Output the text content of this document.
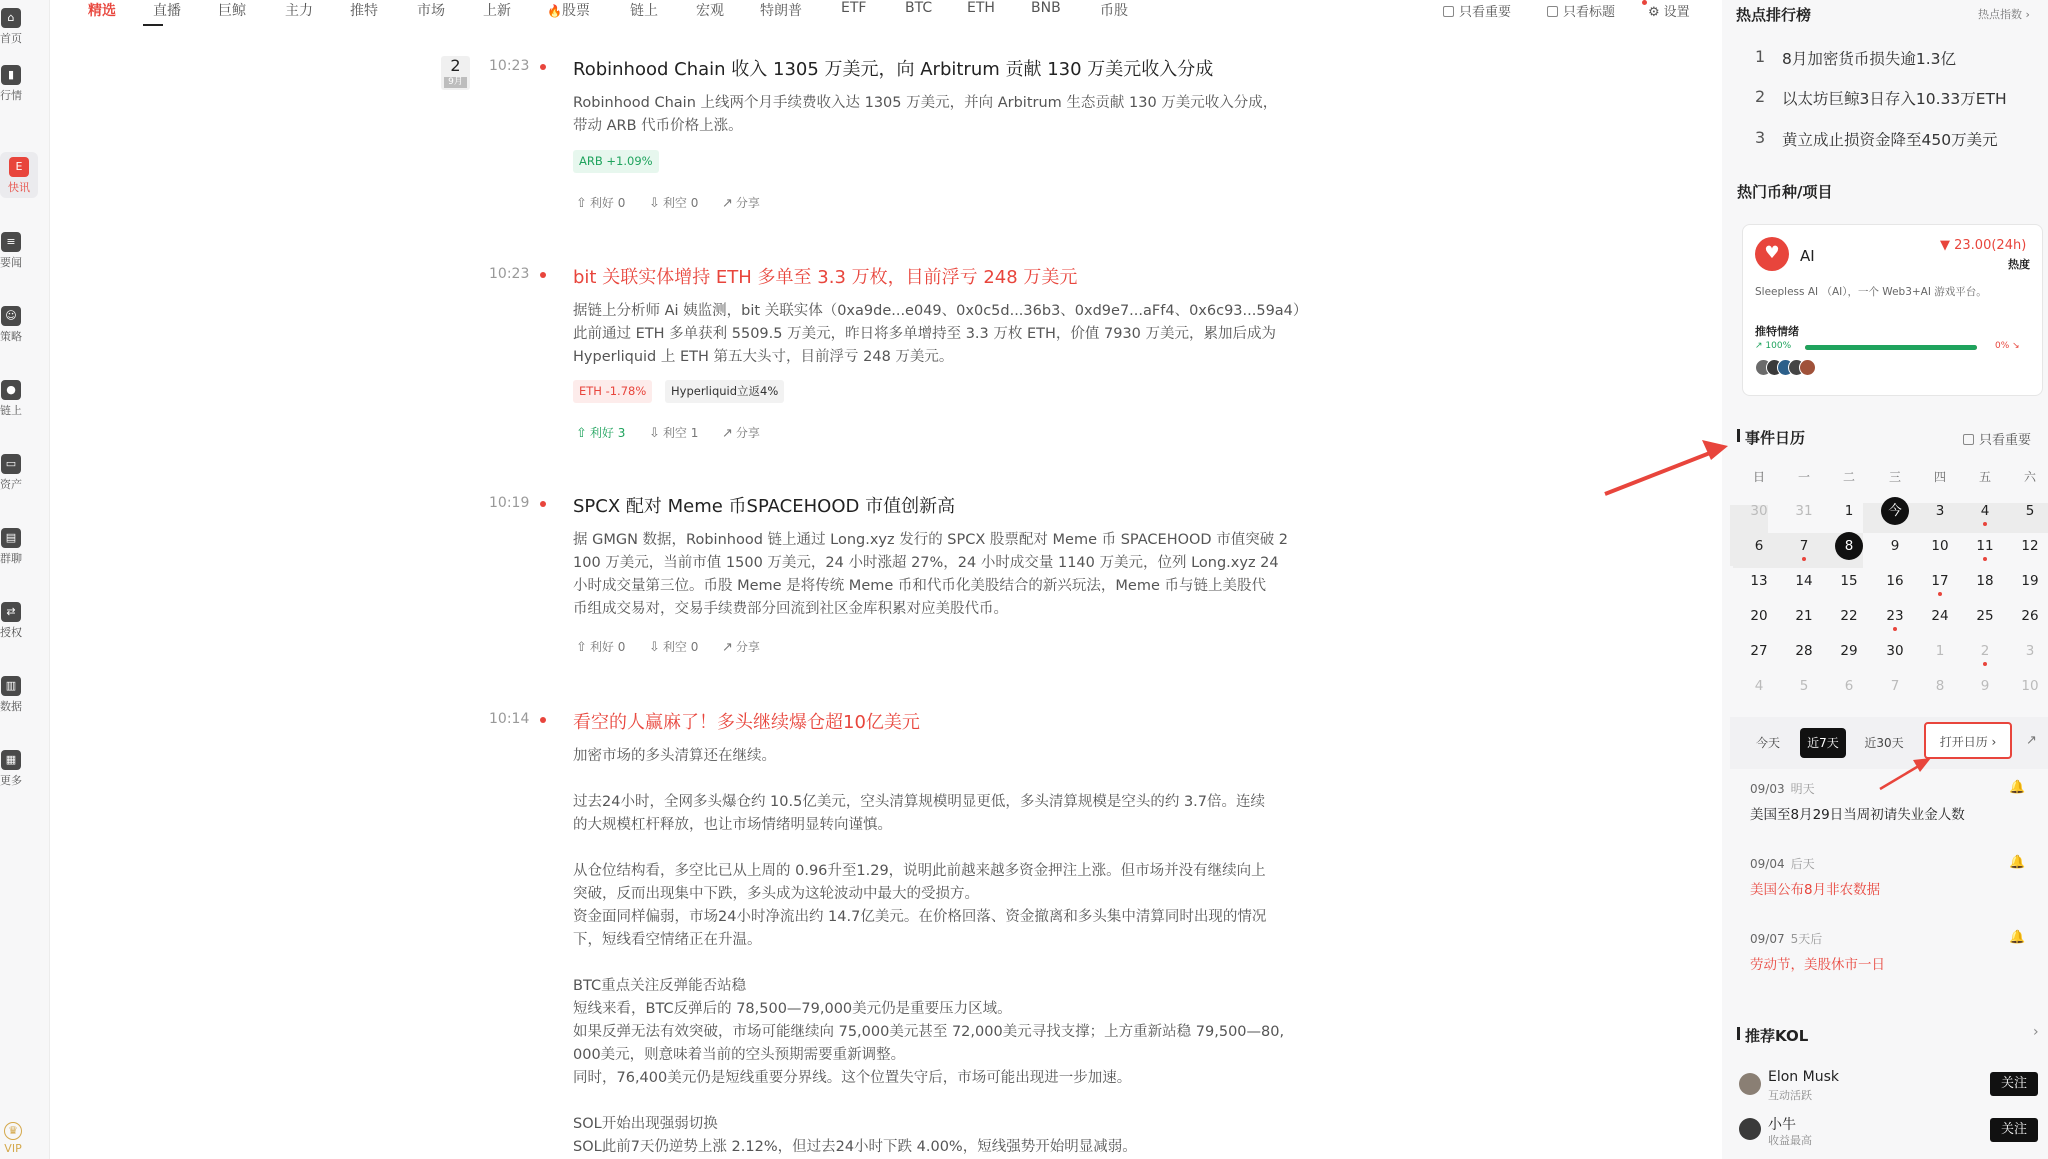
⌂
首页
▮
行情
E
快讯
≡
要闻
☺
策略
●
链上
▭
资产
▤
群聊
⇄
授权
▥
数据
▦
更多
♛
VIP
精选	直播	巨鲸	主力	推特	市场	上新	🔥股票	链上	宏观	特朗普	ETF	BTC ETH	BNB	币股	只看重要	只看标题	⚙ 设置
2
9月
10:23 Robinhood Chain 收入 1305 万美元，向 Arbitrum 贡献 130 万美元收入分成
Robinhood Chain 上线两个月手续费收入达 1305 万美元，并向 Arbitrum 生态贡献 130 万美元收入分成，
带动 ARB 代币价格上涨。
ARB +1.09%
⇧ 利好 0 ⇩ 利空 0 ↗ 分享
10:23 bit 关联实体增持 ETH 多单至 3.3 万枚，目前浮亏 248 万美元
据链上分析师 Ai 姨监测，bit 关联实体（0xa9de...e049、0x0c5d...36b3、0xd9e7...aFf4、0x6c93...59a4）
此前通过 ETH 多单获利 5509.5 万美元，昨日将多单增持至 3.3 万枚 ETH，价值 7930 万美元，累加后成为
Hyperliquid 上 ETH 第五大头寸，目前浮亏 248 万美元。
ETH -1.78%	Hyperliquid立返4%
⇧ 利好 3 ⇩ 利空 1 ↗ 分享
10:19 SPCX 配对 Meme 币SPACEHOOD 市值创新高
据 GMGN 数据，Robinhood 链上通过 Long.xyz 发行的 SPCX 股票配对 Meme 币 SPACEHOOD 市值突破 2
100 万美元，当前市值 1500 万美元，24 小时涨超 27%，24 小时成交量 1140 万美元，位列 Long.xyz 24
小时成交量第三位。币股 Meme 是将传统 Meme 币和代币化美股结合的新兴玩法，Meme 币与链上美股代
币组成交易对，交易手续费部分回流到社区金库积累对应美股代币。
⇧ 利好 0 ⇩ 利空 0 ↗ 分享
10:14 看空的人赢麻了！多头继续爆仓超10亿美元
加密市场的多头清算还在继续。
过去24小时，全网多头爆仓约 10.5亿美元，空头清算规模明显更低，多头清算规模是空头的约 3.7倍。连续
的大规模杠杆释放，也让市场情绪明显转向谨慎。
从仓位结构看，多空比已从上周的 0.96升至1.29，说明此前越来越多资金押注上涨。但市场并没有继续向上
突破，反而出现集中下跌，多头成为这轮波动中最大的受损方。
资金面同样偏弱，市场24小时净流出约 14.7亿美元。在价格回落、资金撤离和多头集中清算同时出现的情况
下，短线看空情绪正在升温。
BTC重点关注反弹能否站稳
短线来看，BTC反弹后的 78,500—79,000美元仍是重要压力区域。
如果反弹无法有效突破，市场可能继续向 75,000美元甚至 72,000美元寻找支撑；上方重新站稳 79,500—80,
000美元，则意味着当前的空头预期需要重新调整。
同时，76,400美元仍是短线重要分界线。这个位置失守后，市场可能出现进一步加速。
SOL开始出现强弱切换
SOL此前7天仍逆势上涨 2.12%，但过去24小时下跌 4.00%，短线强势开始明显减弱。
热点排行榜	热点指数 ›
1 8月加密货币损失逾1.3亿
2 以太坊巨鲸3日存入10.33万ETH
3 黄立成止损资金降至450万美元
热门币种/项目
♥ AI
▼ 23.00(24h)
热度
Sleepless AI （AI），一个 Web3+AI 游戏平台。
推特情绪
↗ 100%	0% ↘
事件日历	只看重要
日	一	二	三	四	五	六
30	31	1	今	3	4	5
6	7	8	9	10	11	12
13	14	15	16	17	18	19
20	21	22	23	24	25	26
27	28	29	30	1	2	3
4	5	6	7	8	9	10
今天	近7天	近30天	打开日历 ›	↗
09/03 明天
美国至8月29日当周初请失业金人数
🔔
09/04 后天
美国公布8月非农数据
🔔
09/07 5天后
劳动节，美股休市一日
🔔
推荐KOL	›
Elon Musk
互动活跃
关注
小牛
收益最高
关注
